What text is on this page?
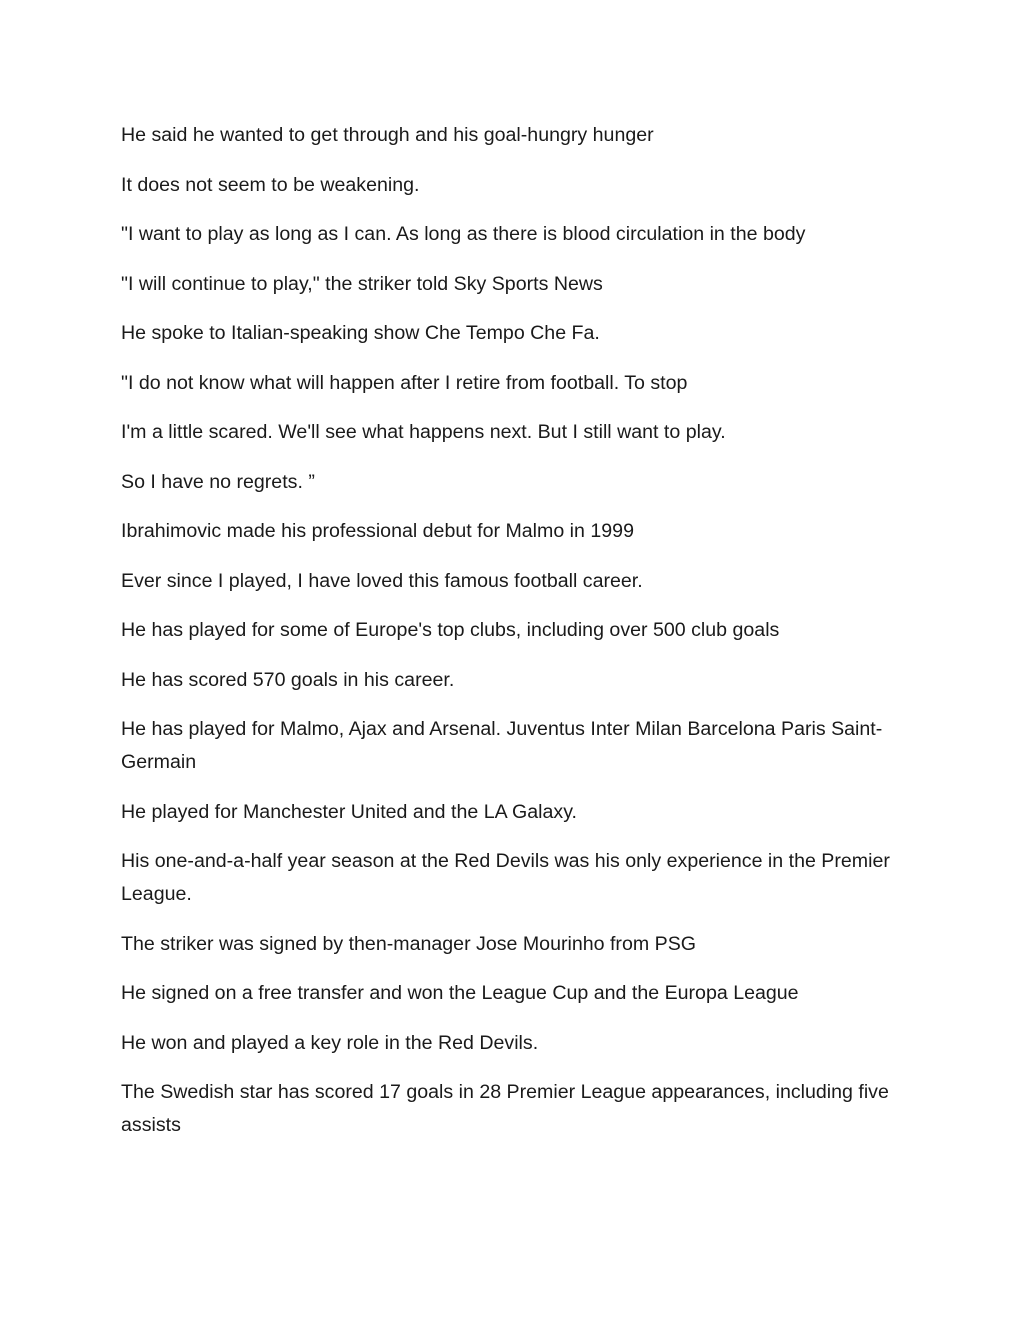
He said he wanted to get through and his goal-hungry hunger

It does not seem to be weakening.

"I want to play as long as I can. As long as there is blood circulation in the body

"I will continue to play," the striker told Sky Sports News

He spoke to Italian-speaking show Che Tempo Che Fa.

"I do not know what will happen after I retire from football. To stop

I'm a little scared. We'll see what happens next. But I still want to play.

So I have no regrets. ”

Ibrahimovic made his professional debut for Malmo in 1999

Ever since I played, I have loved this famous football career.

He has played for some of Europe's top clubs, including over 500 club goals

He has scored 570 goals in his career.

He has played for Malmo, Ajax and Arsenal. Juventus Inter Milan Barcelona Paris Saint-Germain

He played for Manchester United and the LA Galaxy.

His one-and-a-half year season at the Red Devils was his only experience in the Premier League.

The striker was signed by then-manager Jose Mourinho from PSG

He signed on a free transfer and won the League Cup and the Europa League

He won and played a key role in the Red Devils.

The Swedish star has scored 17 goals in 28 Premier League appearances, including five assists
